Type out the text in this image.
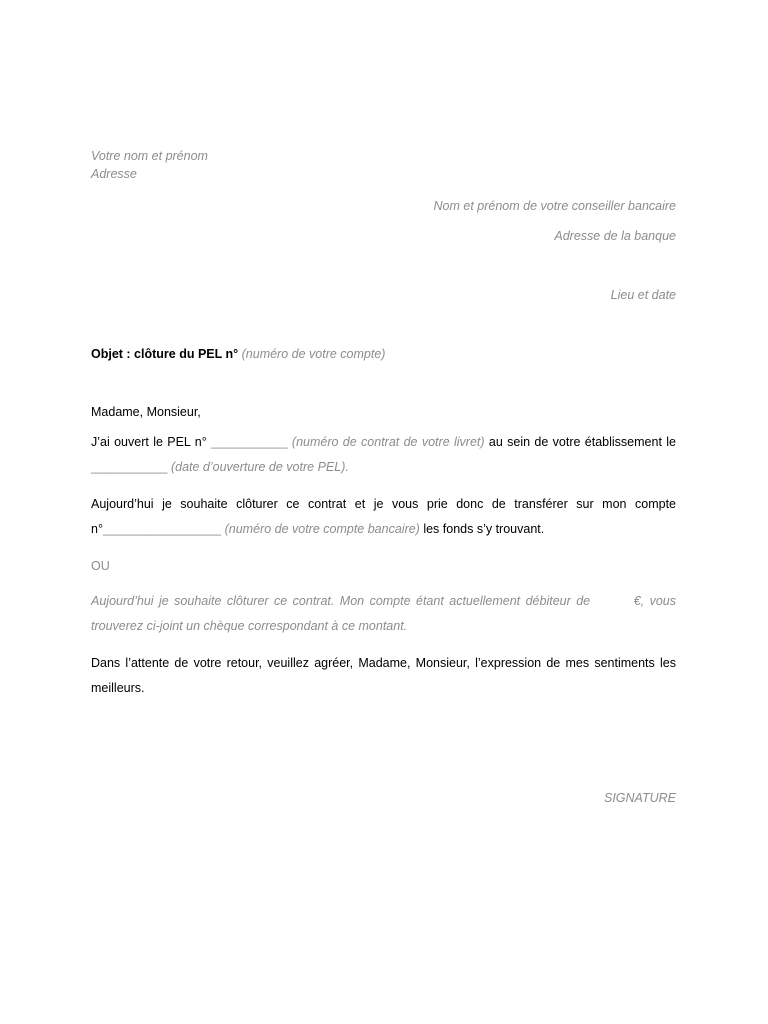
Votre nom et prénom
Adresse
Nom et prénom de votre conseiller bancaire
Adresse de la banque
Lieu et date
Objet : clôture du PEL n° (numéro de votre compte)
Madame, Monsieur,
J’ai ouvert le PEL n° ___________ (numéro de contrat de votre livret) au sein de votre établissement le ___________ (date d’ouverture de votre PEL).
Aujourd’hui je souhaite clôturer ce contrat et je vous prie donc de transférer sur mon compte n°_________________ (numéro de votre compte bancaire) les fonds s’y trouvant.
OU
Aujourd’hui je souhaite clôturer ce contrat. Mon compte étant actuellement débiteur de        €, vous trouverez ci-joint un chèque correspondant à ce montant.
Dans l’attente de votre retour, veuillez agréer, Madame, Monsieur, l’expression de mes sentiments les meilleurs.
SIGNATURE
